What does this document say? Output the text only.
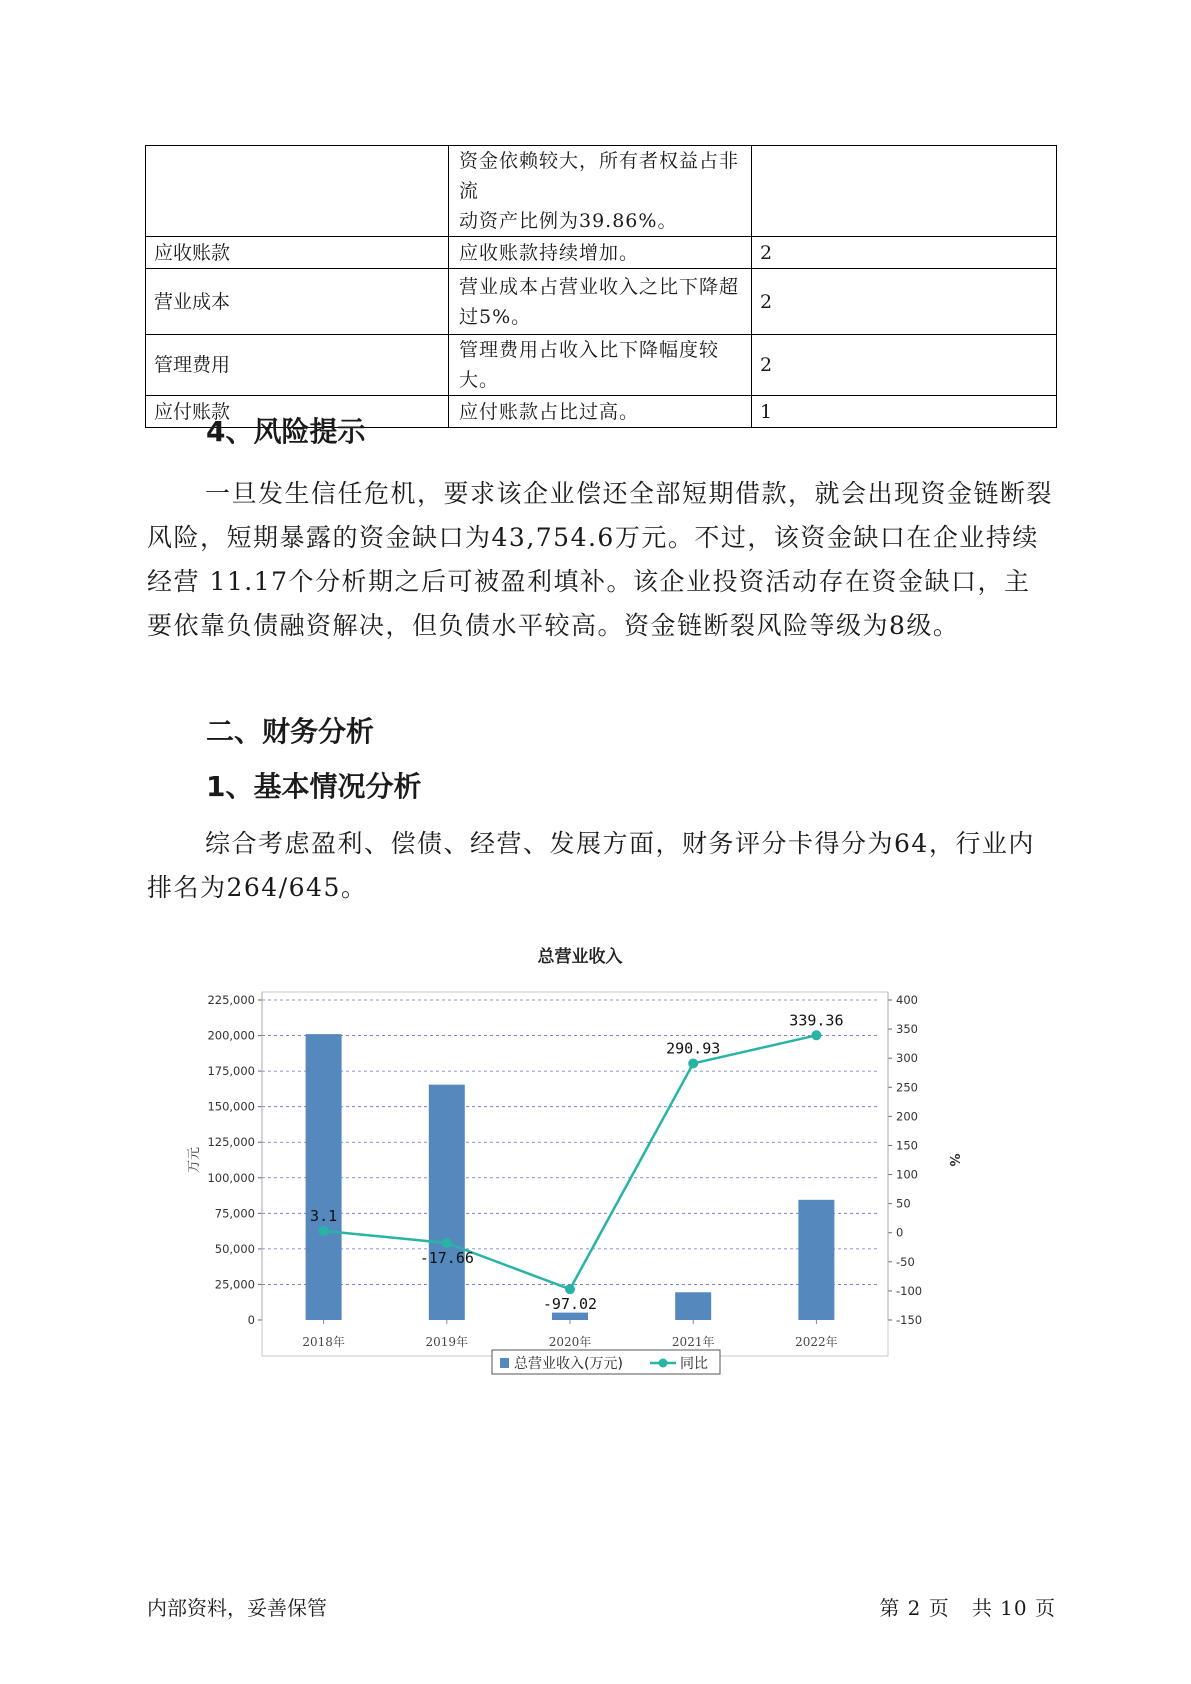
	资金依赖较大，所有者权益占非流
动资产比例为39.86%。	

应收账款	应收账款持续增加。	2
营业成本	营业成本占营业收入之比下降超
过5%。	2
管理费用	管理费用占收入比下降幅度较大。	2
应付账款	应付账款占比过高。	1
4、风险提示

一旦发生信任危机，要求该企业偿还全部短期借款，就会出现资金链断裂风险，短期暴露的资金缺口为43,754.6万元。不过，该资金缺口在企业持续经营 11.17个分析期之后可被盈利填补。该企业投资活动存在资金缺口，主要依靠负债融资解决，但负债水平较高。资金链断裂风险等级为8级。

二、财务分析
1、基本情况分析

综合考虑盈利、偿债、经营、发展方面，财务评分卡得分为64，行业内排名为264/645。

总营业收入
0
25,000
50,000
75,000
100,000
125,000
150,000
175,000
200,000
225,000
-150
-100
-50
0
50
100
150
200
250
300
350
400
万元	%
3.1
-17.66
-97.02
290.93
339.36
2018年	2019年	2020年	2021年	2022年
总营业收入(万元)	同比
内部资料，妥善保管	第 2 页   共 10 页
